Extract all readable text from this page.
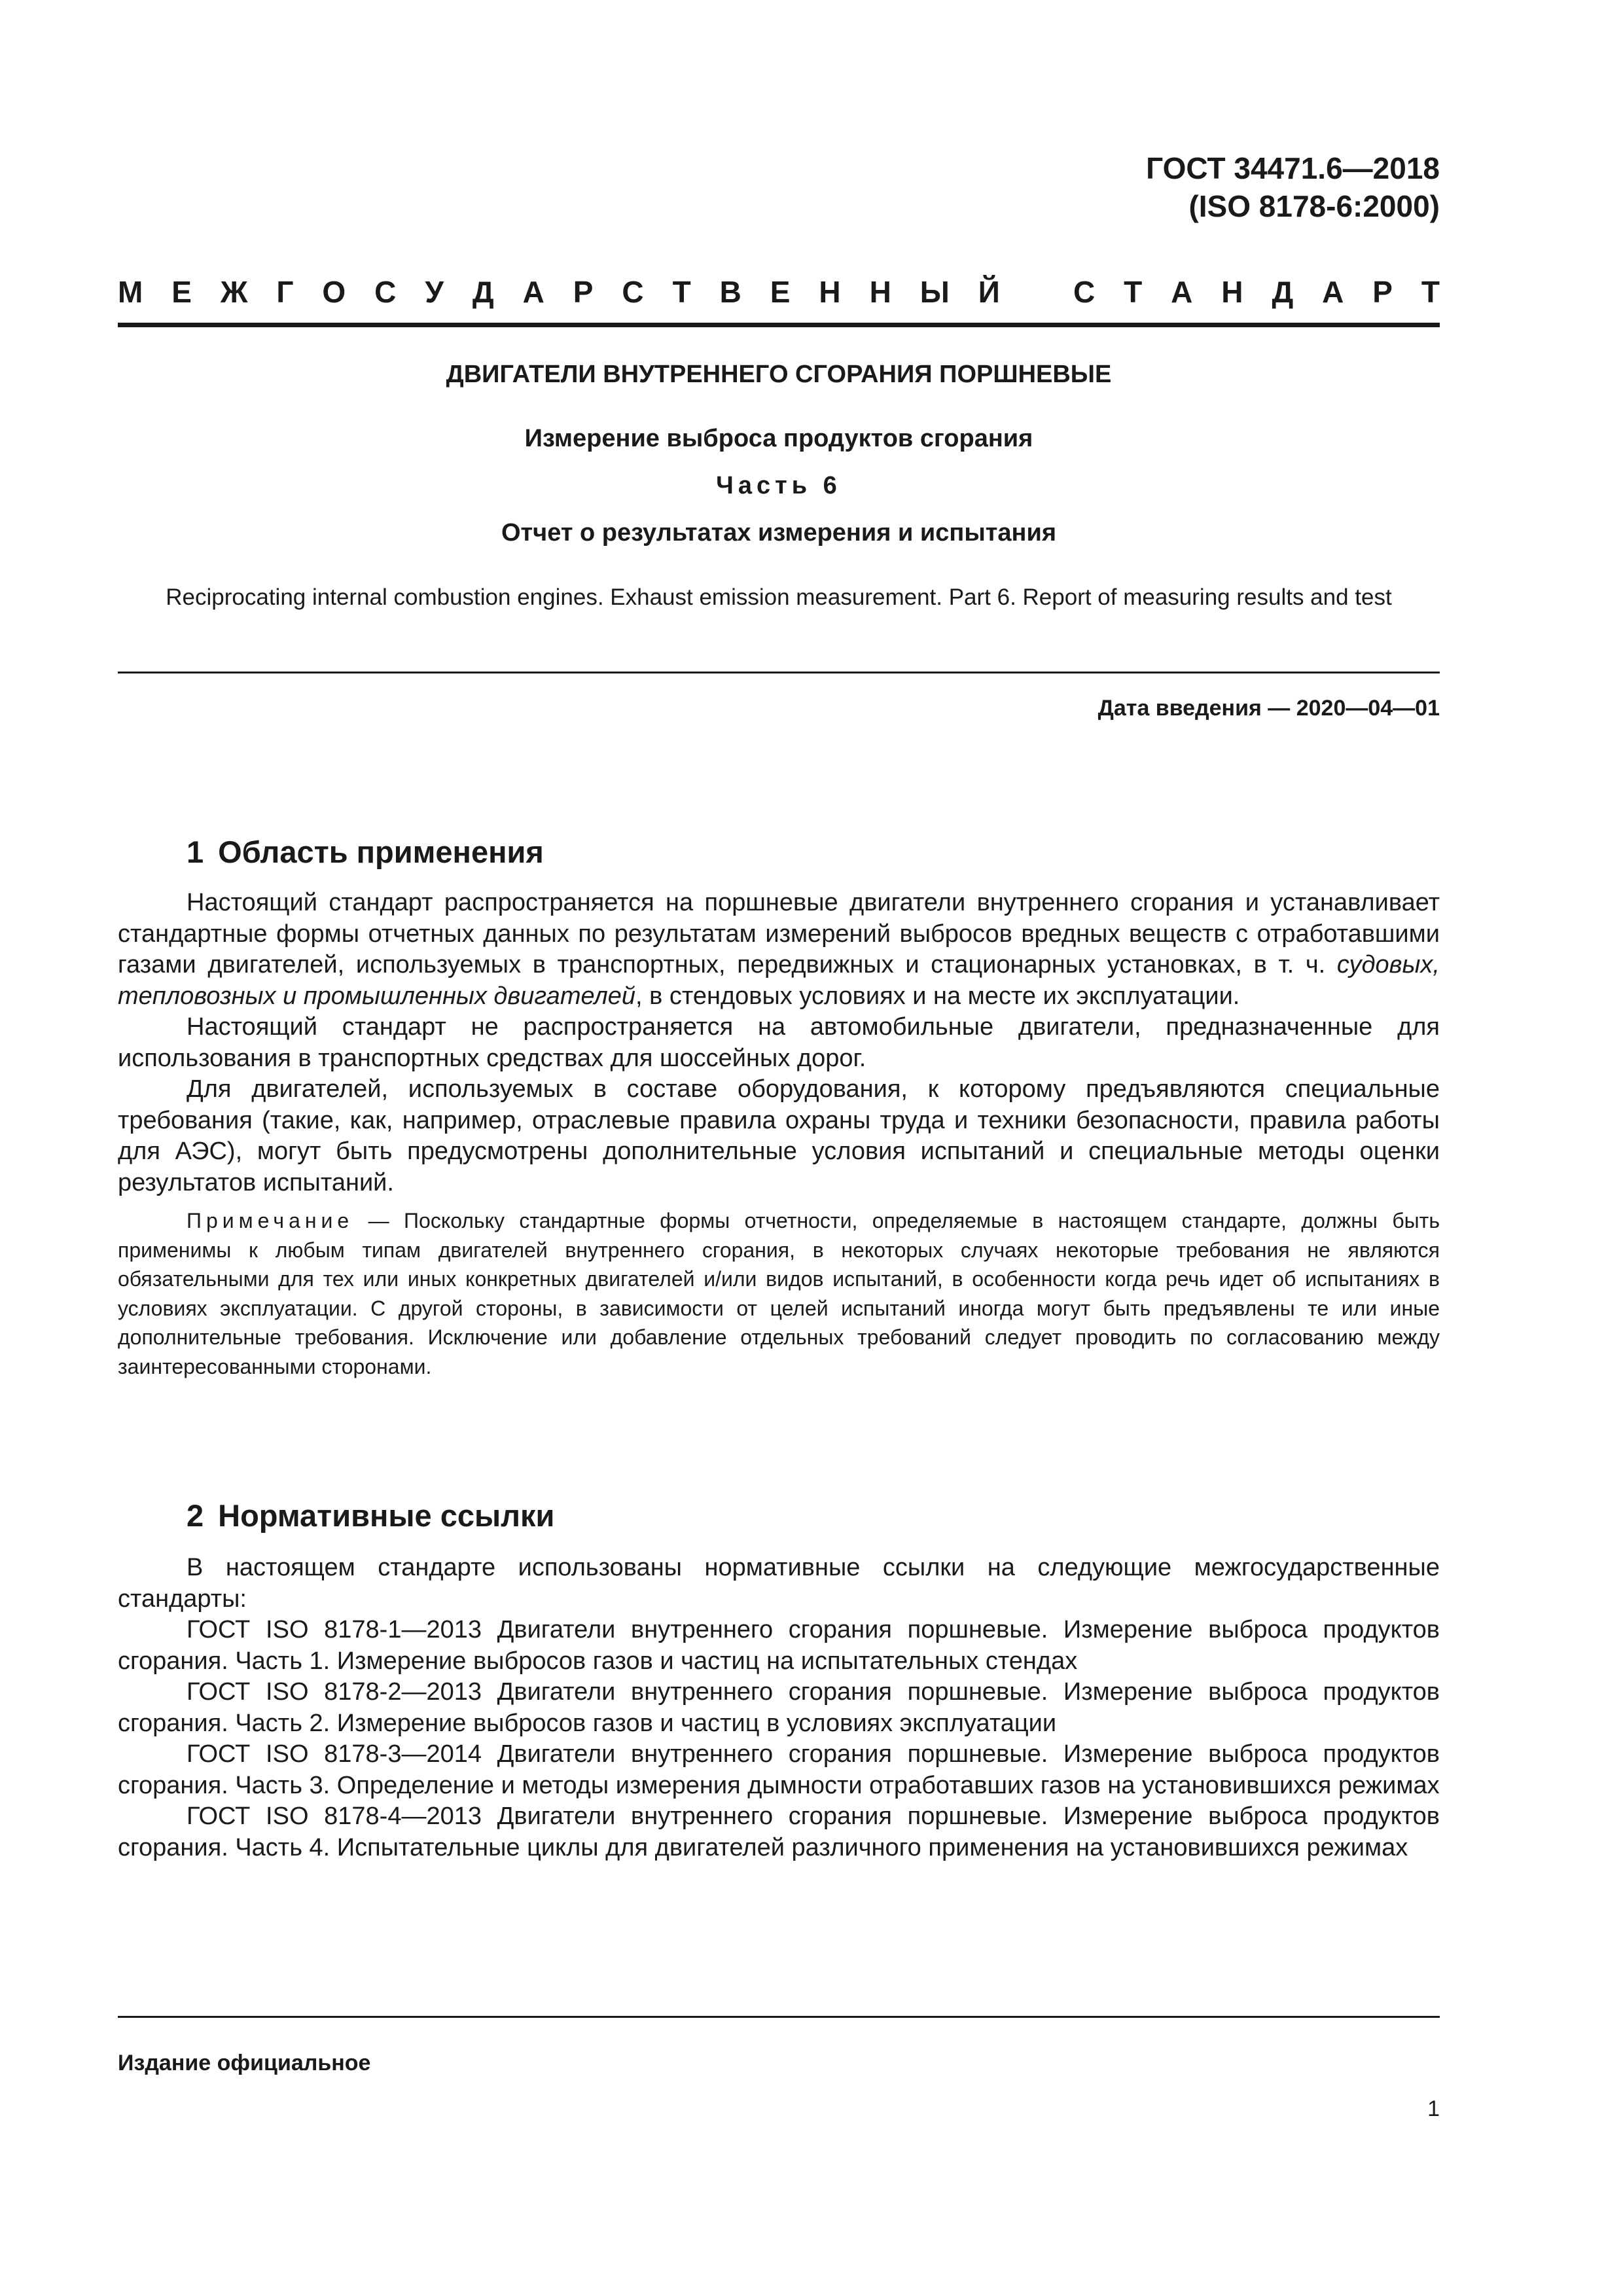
ГОСТ 34471.6—2018
(ISO 8178-6:2000)
М Е Ж Г О С У Д А Р С Т В Е Н Н Ы Й С Т А Н Д А Р Т
ДВИГАТЕЛИ ВНУТРЕННЕГО СГОРАНИЯ ПОРШНЕВЫЕ
Измерение выброса продуктов сгорания
Часть 6
Отчет о результатах измерения и испытания
Reciprocating internal combustion engines. Exhaust emission measurement. Part 6. Report of measuring results and test
Дата введения — 2020—04—01
1 Область применения

Настоящий стандарт распространяется на поршневые двигатели внутреннего сгорания и устанавливает стандартные формы отчетных данных по результатам измерений выбросов вредных веществ с отработавшими газами двигателей, используемых в транспортных, передвижных и стационарных установках, в т. ч. судовых, тепловозных и промышленных двигателей, в стендовых условиях и на месте их эксплуатации.

Настоящий стандарт не распространяется на автомобильные двигатели, предназначенные для использования в транспортных средствах для шоссейных дорог.

Для двигателей, используемых в составе оборудования, к которому предъявляются специальные требования (такие, как, например, отраслевые правила охраны труда и техники безопасности, правила работы для АЭС), могут быть предусмотрены дополнительные условия испытаний и специальные методы оценки результатов испытаний.

Примечание — Поскольку стандартные формы отчетности, определяемые в настоящем стандарте, должны быть применимы к любым типам двигателей внутреннего сгорания, в некоторых случаях некоторые требования не являются обязательными для тех или иных конкретных двигателей и/или видов испытаний, в особенности когда речь идет об испытаниях в условиях эксплуатации. С другой стороны, в зависимости от целей испытаний иногда могут быть предъявлены те или иные дополнительные требования. Исключение или добавление отдельных требований следует проводить по согласованию между заинтересованными сторонами.

2 Нормативные ссылки

В настоящем стандарте использованы нормативные ссылки на следующие межгосударственные стандарты:

ГОСТ ISO 8178-1—2013 Двигатели внутреннего сгорания поршневые. Измерение выброса продуктов сгорания. Часть 1. Измерение выбросов газов и частиц на испытательных стендах

ГОСТ ISO 8178-2—2013 Двигатели внутреннего сгорания поршневые. Измерение выброса продуктов сгорания. Часть 2. Измерение выбросов газов и частиц в условиях эксплуатации

ГОСТ ISO 8178-3—2014 Двигатели внутреннего сгорания поршневые. Измерение выброса продуктов сгорания. Часть 3. Определение и методы измерения дымности отработавших газов на установившихся режимах

ГОСТ ISO 8178-4—2013 Двигатели внутреннего сгорания поршневые. Измерение выброса продуктов сгорания. Часть 4. Испытательные циклы для двигателей различного применения на установившихся режимах

Издание официальное
1
